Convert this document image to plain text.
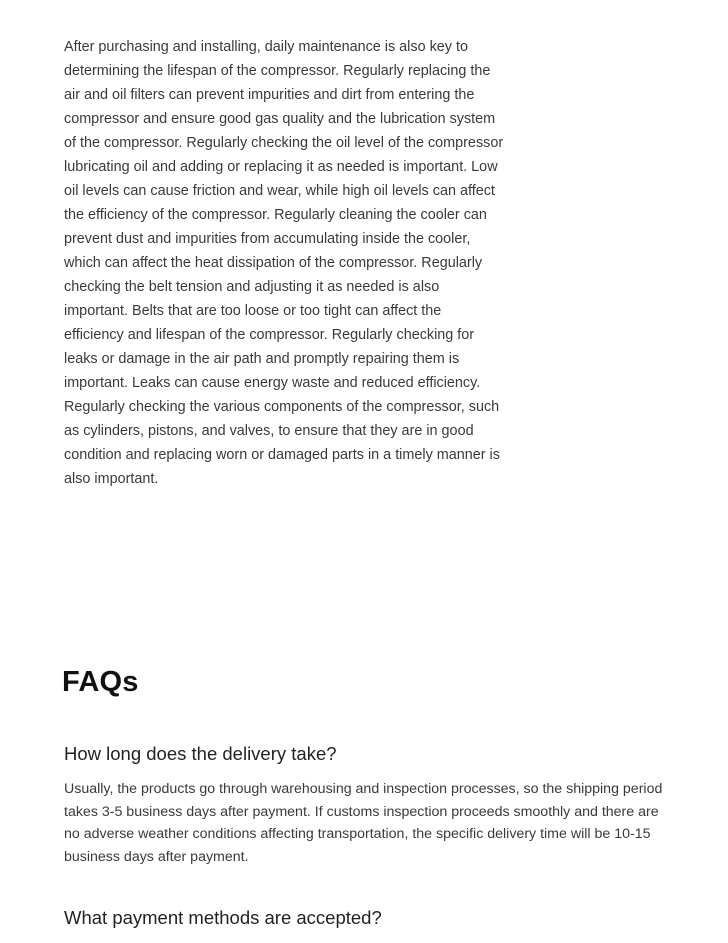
After purchasing and installing, daily maintenance is also key to determining the lifespan of the compressor. Regularly replacing the air and oil filters can prevent impurities and dirt from entering the compressor and ensure good gas quality and the lubrication system of the compressor. Regularly checking the oil level of the compressor lubricating oil and adding or replacing it as needed is important. Low oil levels can cause friction and wear, while high oil levels can affect the efficiency of the compressor. Regularly cleaning the cooler can prevent dust and impurities from accumulating inside the cooler, which can affect the heat dissipation of the compressor. Regularly checking the belt tension and adjusting it as needed is also important. Belts that are too loose or too tight can affect the efficiency and lifespan of the compressor. Regularly checking for leaks or damage in the air path and promptly repairing them is important. Leaks can cause energy waste and reduced efficiency. Regularly checking the various components of the compressor, such as cylinders, pistons, and valves, to ensure that they are in good condition and replacing worn or damaged parts in a timely manner is also important.

FAQs
How long does the delivery take?

Usually, the products go through warehousing and inspection processes, so the shipping period takes 3-5 business days after payment. If customs inspection proceeds smoothly and there are no adverse weather conditions affecting transportation, the specific delivery time will be 10-15 business days after payment.

What payment methods are accepted?
